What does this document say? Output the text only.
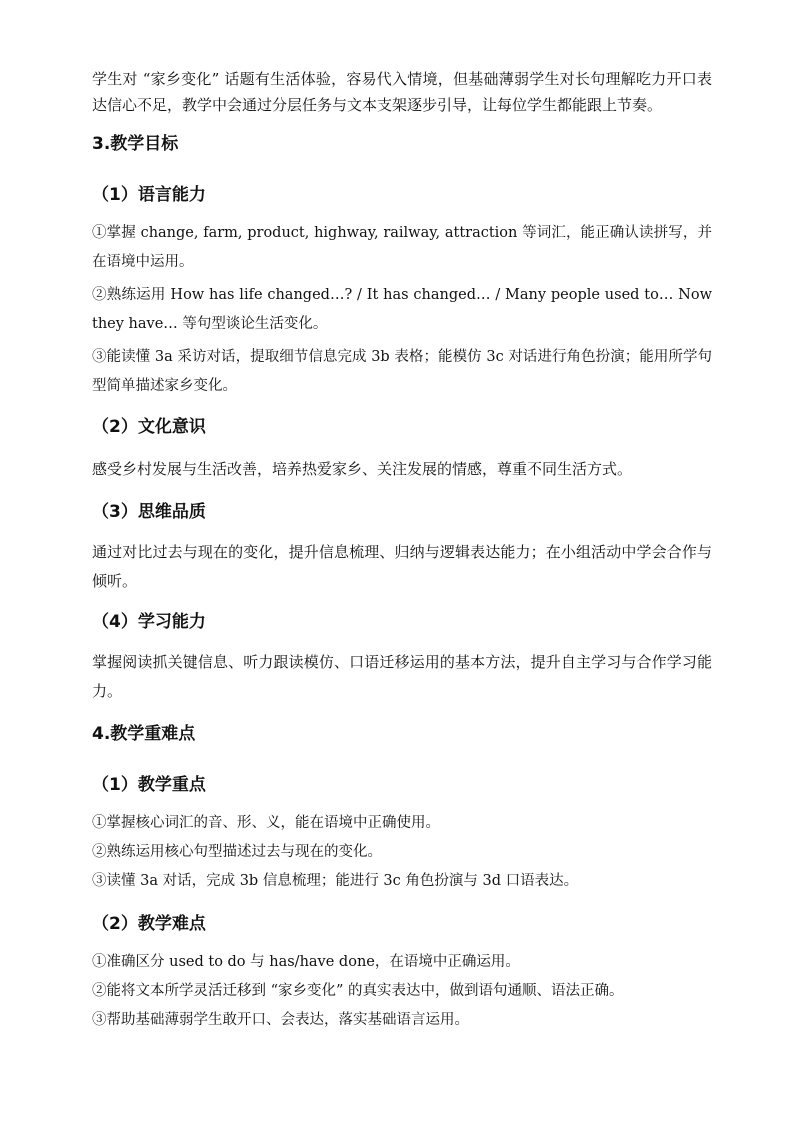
学生对 “家乡变化” 话题有生活体验，容易代入情境，但基础薄弱学生对长句理解吃力开口表达信心不足，教学中会通过分层任务与文本支架逐步引导，让每位学生都能跟上节奏。

3.教学目标
（1）语言能力

①掌握 change, farm, product, highway, railway, attraction 等词汇，能正确认读拼写，并在语境中运用。

②熟练运用 How has life changed…? / It has changed… / Many people used to… Now they have… 等句型谈论生活变化。

③能读懂 3a 采访对话，提取细节信息完成 3b 表格；能模仿 3c 对话进行角色扮演；能用所学句型简单描述家乡变化。

（2）文化意识

感受乡村发展与生活改善，培养热爱家乡、关注发展的情感，尊重不同生活方式。

（3）思维品质

通过对比过去与现在的变化，提升信息梳理、归纳与逻辑表达能力；在小组活动中学会合作与倾听。

（4）学习能力

掌握阅读抓关键信息、听力跟读模仿、口语迁移运用的基本方法，提升自主学习与合作学习能力。

4.教学重难点
（1）教学重点

①掌握核心词汇的音、形、义，能在语境中正确使用。

②熟练运用核心句型描述过去与现在的变化。

③读懂 3a 对话，完成 3b 信息梳理；能进行 3c 角色扮演与 3d 口语表达。

（2）教学难点

①准确区分 used to do 与 has/have done，在语境中正确运用。

②能将文本所学灵活迁移到 “家乡变化” 的真实表达中，做到语句通顺、语法正确。

③帮助基础薄弱学生敢开口、会表达，落实基础语言运用。
